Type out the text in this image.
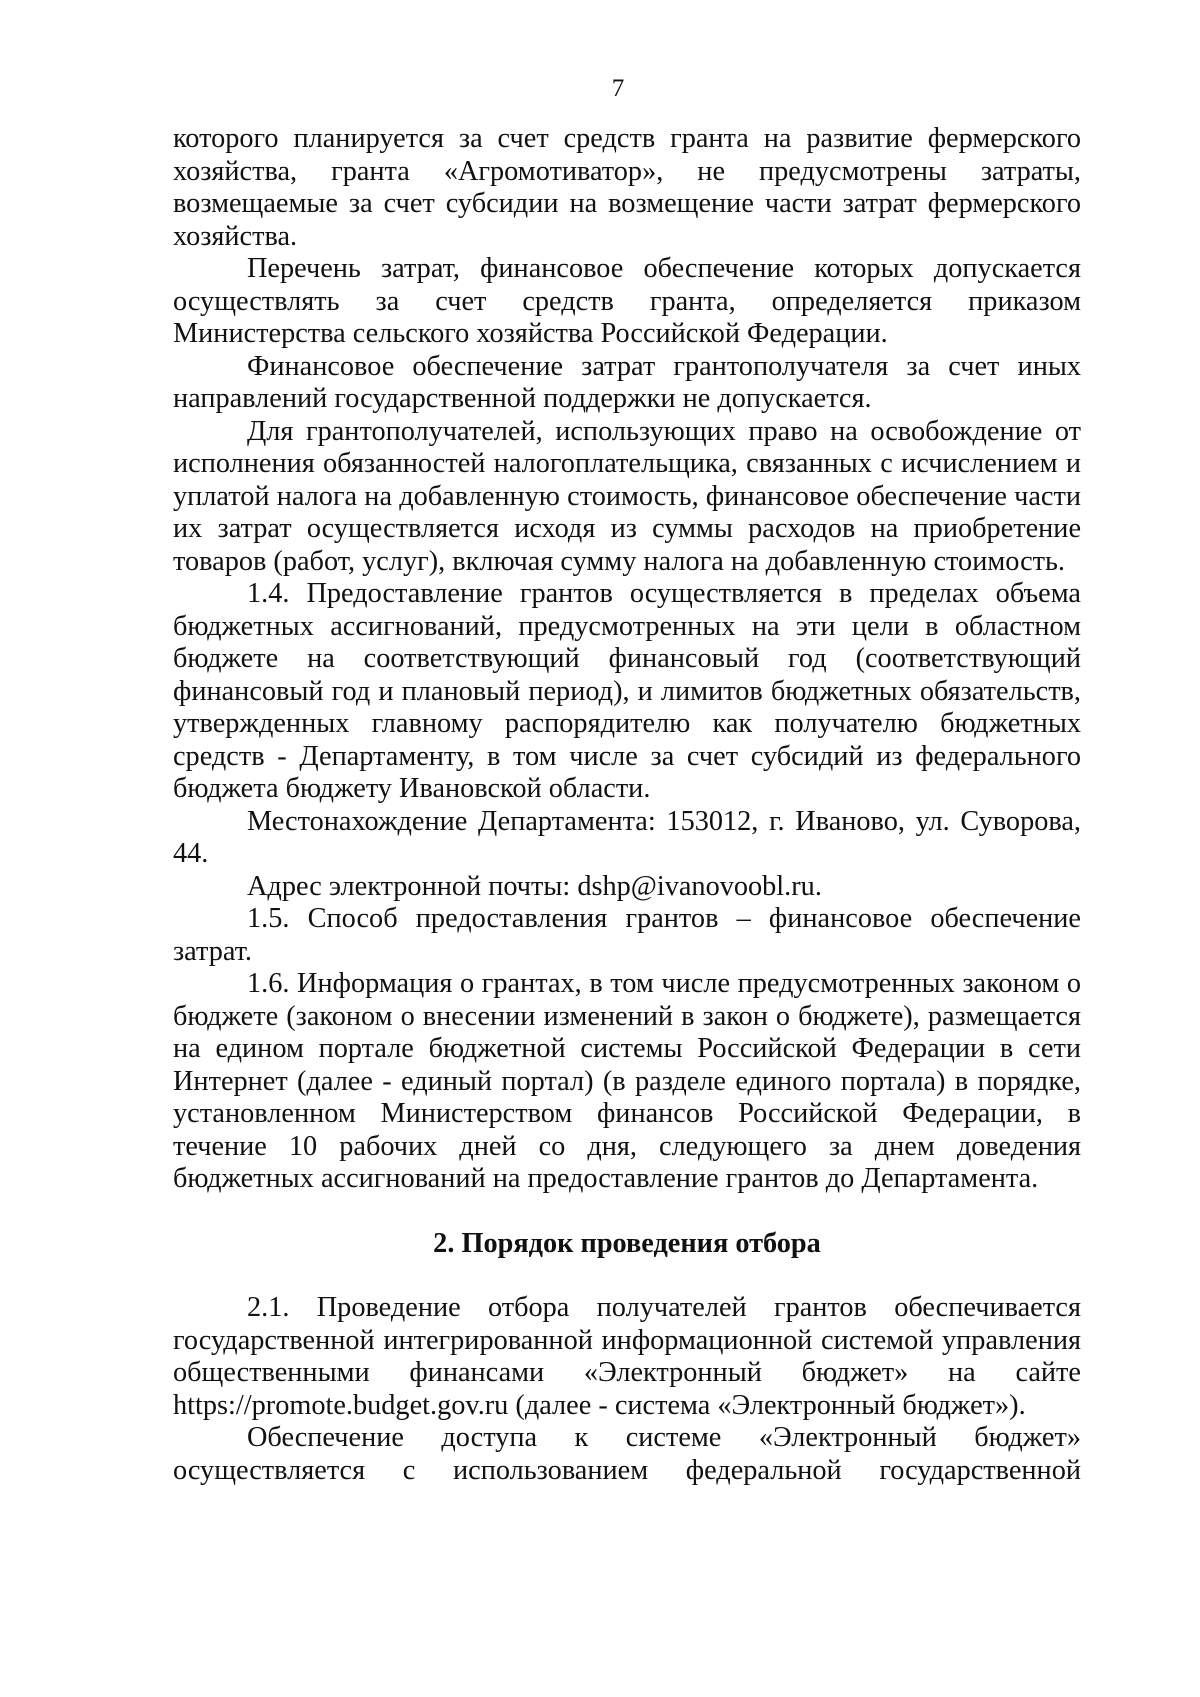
7

которого планируется за счет средств гранта на развитие фермерского хозяйства, гранта «Агромотиватор», не предусмотрены затраты, возмещаемые за счет субсидии на возмещение части затрат фермерского хозяйства.

Перечень затрат, финансовое обеспечение которых допускается осуществлять за счет средств гранта, определяется приказом Министерства сельского хозяйства Российской Федерации.

Финансовое обеспечение затрат грантополучателя за счет иных направлений государственной поддержки не допускается.

Для грантополучателей, использующих право на освобождение от исполнения обязанностей налогоплательщика, связанных с исчислением и уплатой налога на добавленную стоимость, финансовое обеспечение части их затрат осуществляется исходя из суммы расходов на приобретение товаров (работ, услуг), включая сумму налога на добавленную стоимость.

1.4. Предоставление грантов осуществляется в пределах объема бюджетных ассигнований, предусмотренных на эти цели в областном бюджете на соответствующий финансовый год (соответствующий финансовый год и плановый период), и лимитов бюджетных обязательств, утвержденных главному распорядителю как получателю бюджетных средств - Департаменту, в том числе за счет субсидий из федерального бюджета бюджету Ивановской области.

Местонахождение Департамента: 153012, г. Иваново, ул. Суворова, 44.

Адрес электронной почты: dshp@ivanovoobl.ru.

1.5. Способ предоставления грантов – финансовое обеспечение затрат.

1.6. Информация о грантах, в том числе предусмотренных законом о бюджете (законом о внесении изменений в закон о бюджете), размещается на едином портале бюджетной системы Российской Федерации в сети Интернет (далее - единый портал) (в разделе единого портала) в порядке, установленном Министерством финансов Российской Федерации, в течение 10 рабочих дней со дня, следующего за днем доведения бюджетных ассигнований на предоставление грантов до Департамента.

2. Порядок проведения отбора

2.1. Проведение отбора получателей грантов обеспечивается государственной интегрированной информационной системой управления общественными финансами «Электронный бюджет» на сайте https://promote.budget.gov.ru (далее - система «Электронный бюджет»).

Обеспечение доступа к системе «Электронный бюджет» осуществляется с использованием федеральной государственной
